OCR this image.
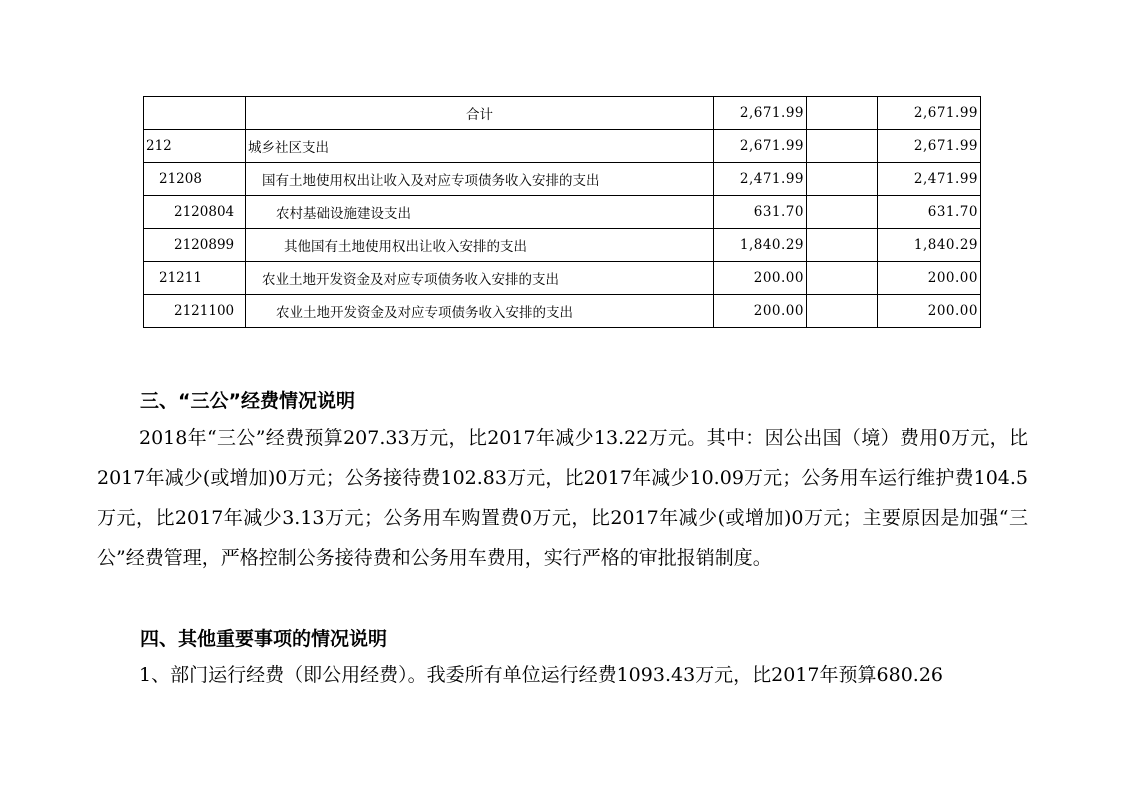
	合计	2,671.99		2,671.99
212	城乡社区支出	2,671.99		2,671.99
21208	国有土地使用权出让收入及对应专项债务收入安排的支出	2,471.99		2,471.99
2120804	农村基础设施建设支出	631.70		631.70
2120899	其他国有土地使用权出让收入安排的支出	1,840.29		1,840.29
21211	农业土地开发资金及对应专项债务收入安排的支出	200.00		200.00
2121100	农业土地开发资金及对应专项债务收入安排的支出	200.00		200.00
三、“三公”经费情况说明

2018年“三公”经费预算207.33万元，比2017年减少13.22万元。其中：因公出国（境）费用0万元，比2017年减少(或增加)0万元；公务接待费102.83万元，比2017年减少10.09万元；公务用车运行维护费104.5万元，比2017年减少3.13万元；公务用车购置费0万元，比2017年减少(或增加)0万元；主要原因是加强“三公”经费管理，严格控制公务接待费和公务用车费用，实行严格的审批报销制度。

四、其他重要事项的情况说明

1、部门运行经费（即公用经费）。我委所有单位运行经费1093.43万元，比2017年预算680.26
